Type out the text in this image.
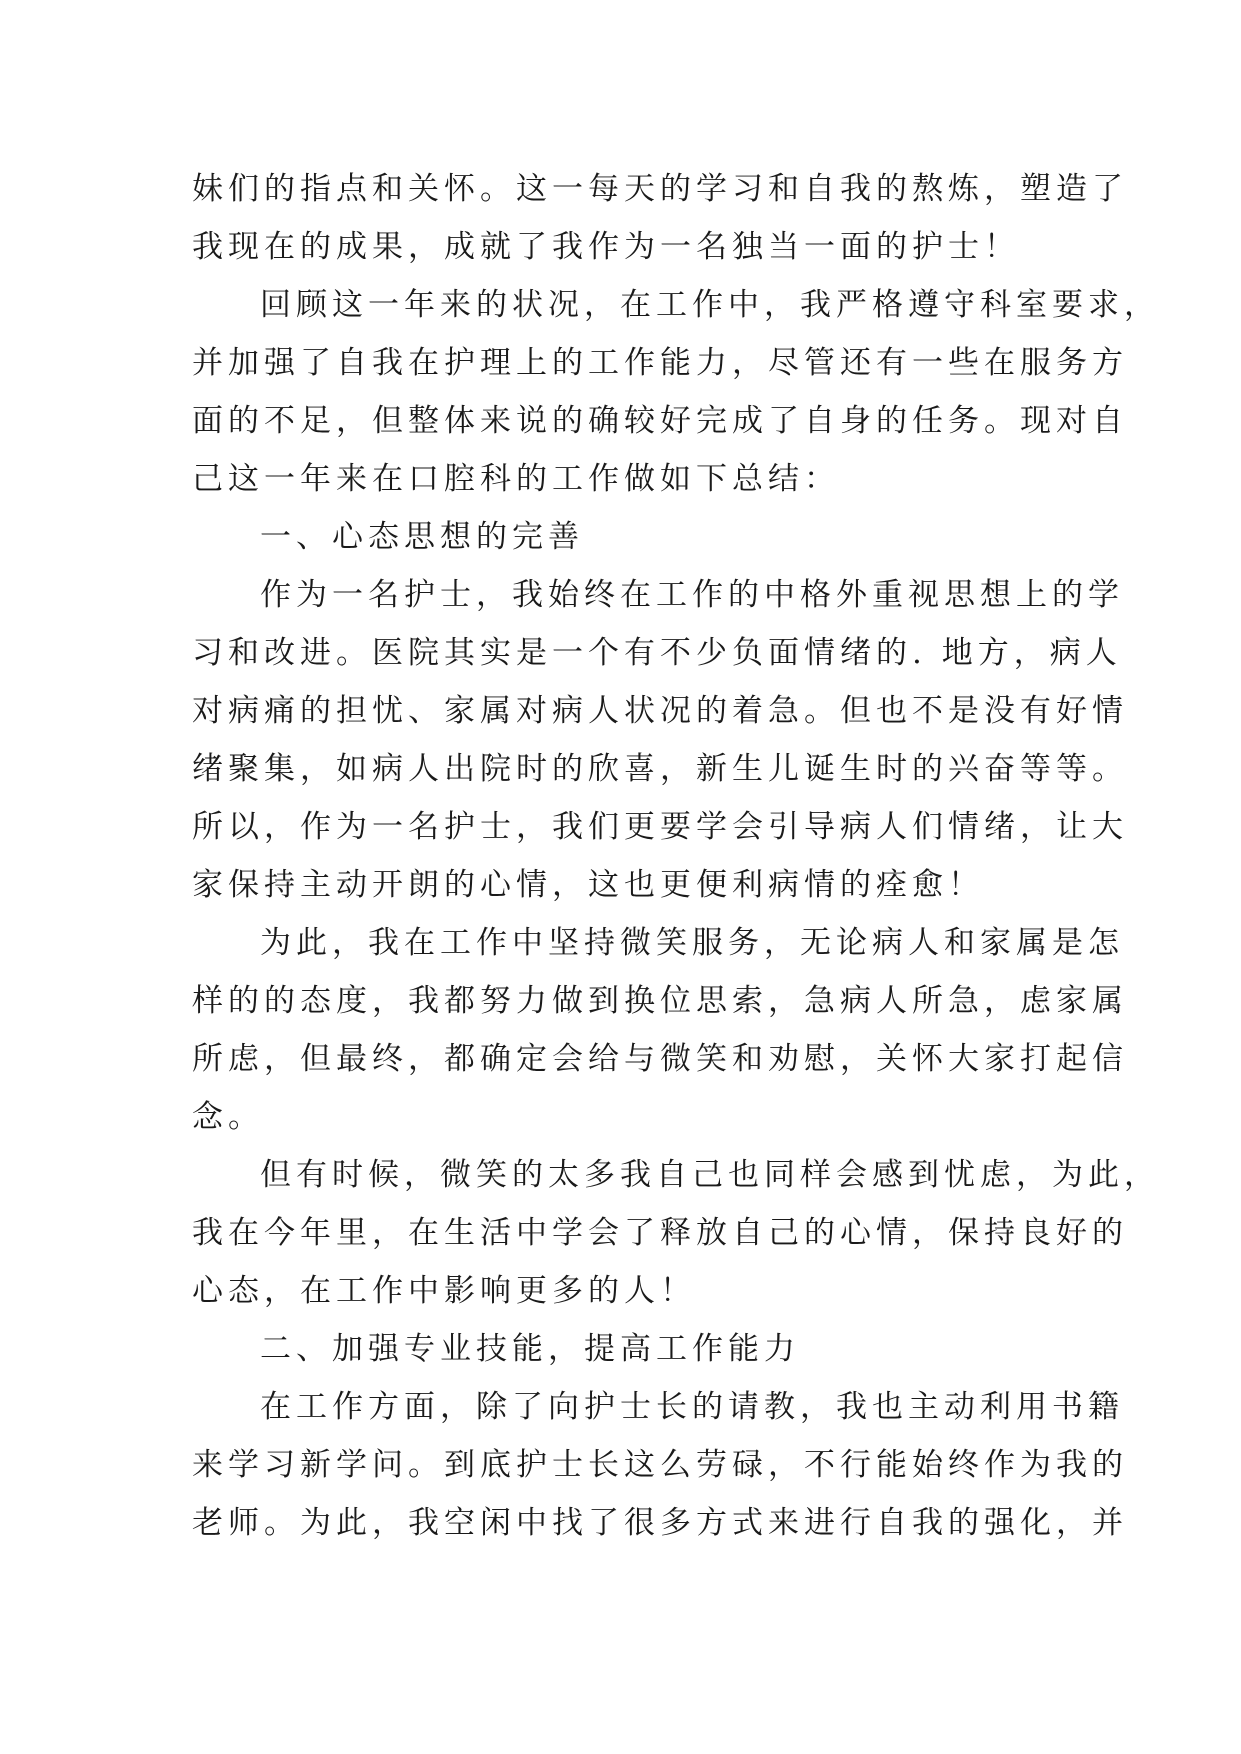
妹们的指点和关怀。这一每天的学习和自我的熬炼，塑造了

我现在的成果，成就了我作为一名独当一面的护士！

回顾这一年来的状况，在工作中，我严格遵守科室要求，

并加强了自我在护理上的工作能力，尽管还有一些在服务方

面的不足，但整体来说的确较好完成了自身的任务。现对自

己这一年来在口腔科的工作做如下总结：

一、心态思想的完善

作为一名护士，我始终在工作的中格外重视思想上的学

习和改进。医院其实是一个有不少负面情绪的. 地方，病人

对病痛的担忧、家属对病人状况的着急。但也不是没有好情

绪聚集，如病人出院时的欣喜，新生儿诞生时的兴奋等等。

所以，作为一名护士，我们更要学会引导病人们情绪，让大

家保持主动开朗的心情，这也更便利病情的痊愈！

为此，我在工作中坚持微笑服务，无论病人和家属是怎

样的的态度，我都努力做到换位思索，急病人所急，虑家属

所虑，但最终，都确定会给与微笑和劝慰，关怀大家打起信

念。

但有时候，微笑的太多我自己也同样会感到忧虑，为此，

我在今年里，在生活中学会了释放自己的心情，保持良好的

心态，在工作中影响更多的人！

二、加强专业技能，提高工作能力

在工作方面，除了向护士长的请教，我也主动利用书籍

来学习新学问。到底护士长这么劳碌，不行能始终作为我的

老师。为此，我空闲中找了很多方式来进行自我的强化，并
